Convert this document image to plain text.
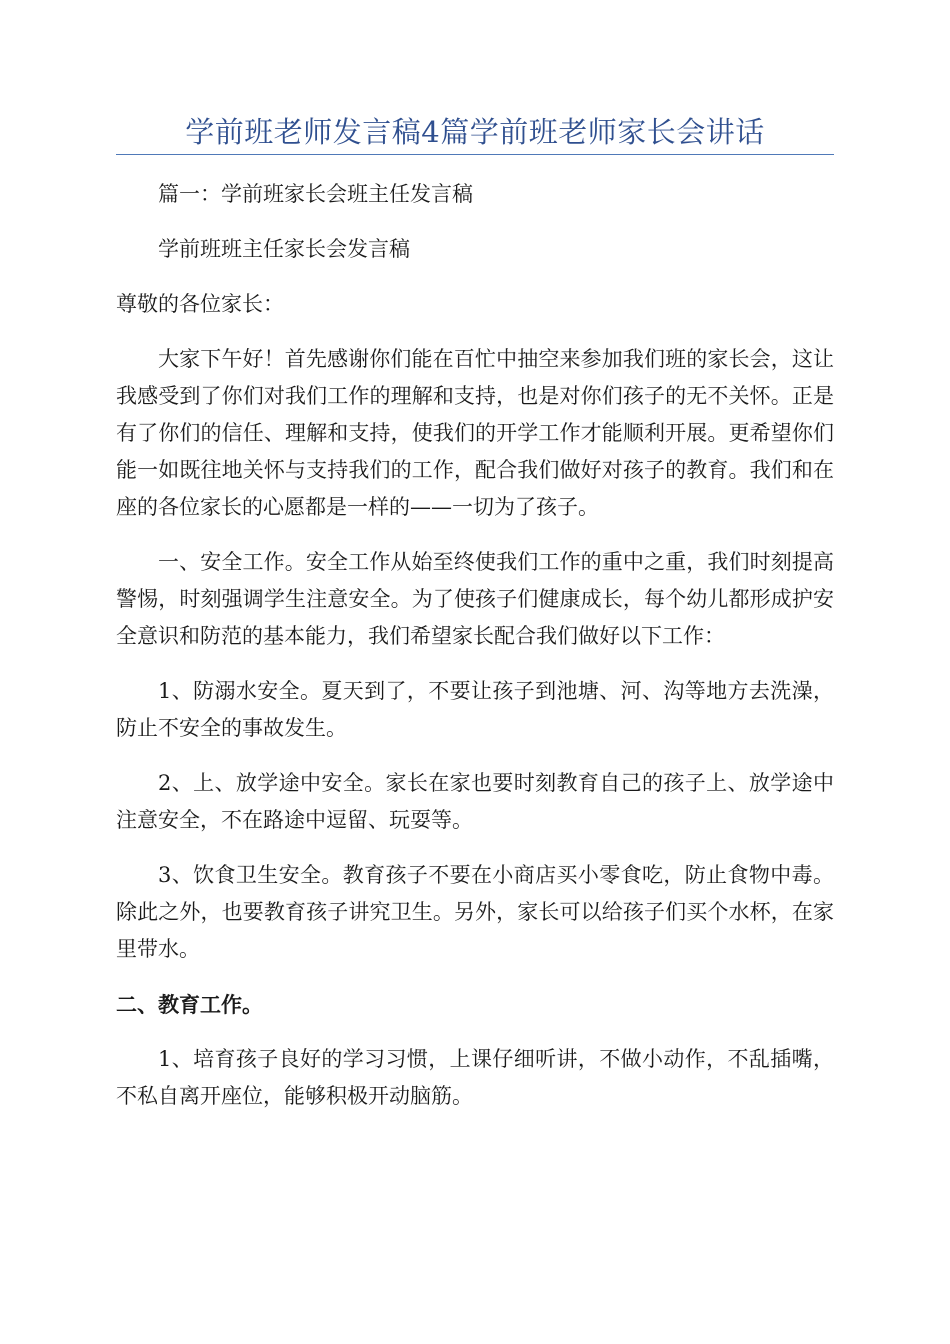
学前班老师发言稿4篇学前班老师家长会讲话

篇一：学前班家长会班主任发言稿

学前班班主任家长会发言稿

尊敬的各位家长：

大家下午好！首先感谢你们能在百忙中抽空来参加我们班的家长会，这让我感受到了你们对我们工作的理解和支持，也是对你们孩子的无不关怀。正是有了你们的信任、理解和支持，使我们的开学工作才能顺利开展。更希望你们能一如既往地关怀与支持我们的工作，配合我们做好对孩子的教育。我们和在座的各位家长的心愿都是一样的——一切为了孩子。

一、安全工作。安全工作从始至终使我们工作的重中之重，我们时刻提高警惕，时刻强调学生注意安全。为了使孩子们健康成长，每个幼儿都形成护安全意识和防范的基本能力，我们希望家长配合我们做好以下工作：

1、防溺水安全。夏天到了，不要让孩子到池塘、河、沟等地方去洗澡，防止不安全的事故发生。

2、上、放学途中安全。家长在家也要时刻教育自己的孩子上、放学途中注意安全，不在路途中逗留、玩耍等。

3、饮食卫生安全。教育孩子不要在小商店买小零食吃，防止食物中毒。除此之外，也要教育孩子讲究卫生。另外，家长可以给孩子们买个水杯，在家里带水。

二、教育工作。

1、培育孩子良好的学习习惯，上课仔细听讲，不做小动作，不乱插嘴，不私自离开座位，能够积极开动脑筋。
